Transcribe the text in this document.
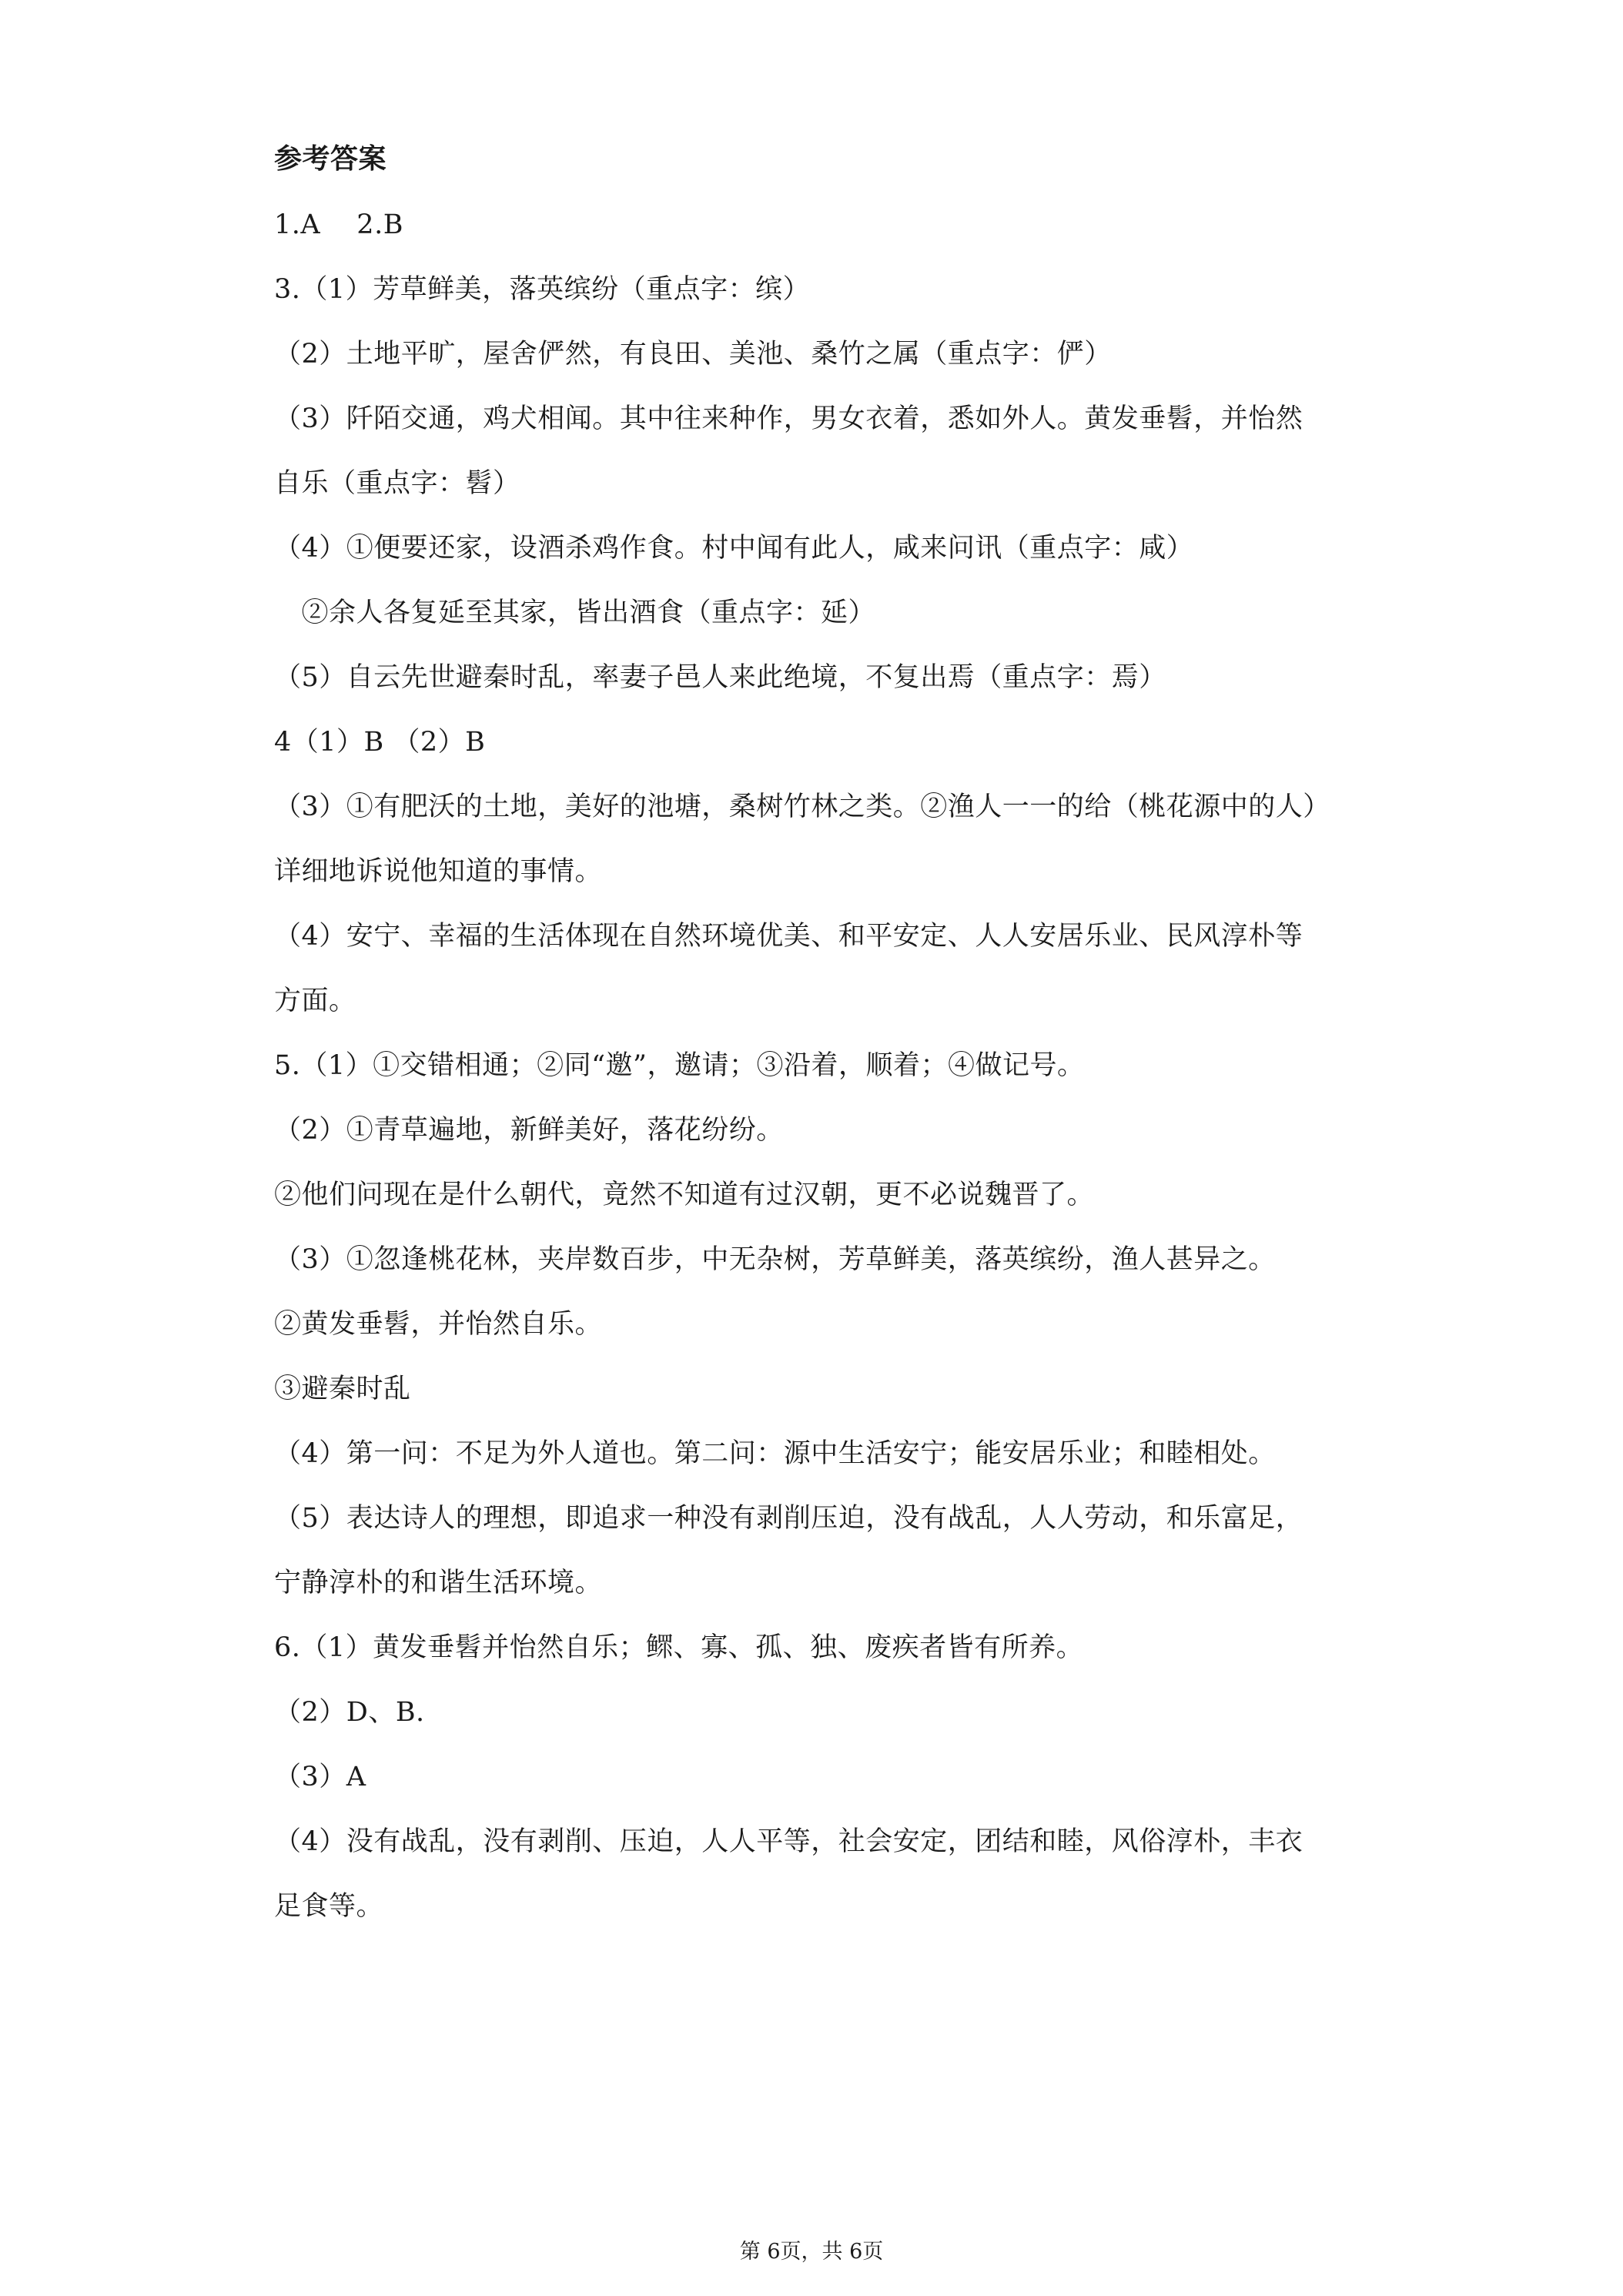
参考答案
1.A　 2.B
3.（1）芳草鲜美，落英缤纷（重点字：缤）
（2）土地平旷，屋舍俨然，有良田、美池、桑竹之属（重点字：俨）
（3）阡陌交通，鸡犬相闻。其中往来种作，男女衣着，悉如外人。黄发垂髫，并怡然
自乐（重点字：髫）
（4）①便要还家，设酒杀鸡作食。村中闻有此人，咸来问讯（重点字：咸）
　②余人各复延至其家，皆出酒食（重点字：延）
（5）自云先世避秦时乱，率妻子邑人来此绝境，不复出焉（重点字：焉）
4（1）B （2）B
（3）①有肥沃的土地，美好的池塘，桑树竹林之类。②渔人一一的给（桃花源中的人）
详细地诉说他知道的事情。
（4）安宁、幸福的生活体现在自然环境优美、和平安定、人人安居乐业、民风淳朴等
方面。
5.（1）①交错相通；②同“邀”，邀请；③沿着，顺着；④做记号。
（2）①青草遍地，新鲜美好，落花纷纷。
②他们问现在是什么朝代，竟然不知道有过汉朝，更不必说魏晋了。
（3）①忽逢桃花林，夹岸数百步，中无杂树，芳草鲜美，落英缤纷，渔人甚异之。
②黄发垂髫，并怡然自乐。
③避秦时乱
（4）第一问：不足为外人道也。第二问：源中生活安宁；能安居乐业；和睦相处。
（5）表达诗人的理想，即追求一种没有剥削压迫，没有战乱，人人劳动，和乐富足，
宁静淳朴的和谐生活环境。
6.（1）黄发垂髫并怡然自乐；鳏、寡、孤、独、废疾者皆有所养。
（2）D、B.
（3）A
（4）没有战乱，没有剥削、压迫，人人平等，社会安定，团结和睦，风俗淳朴，丰衣
足食等。
第 6页，共 6页
